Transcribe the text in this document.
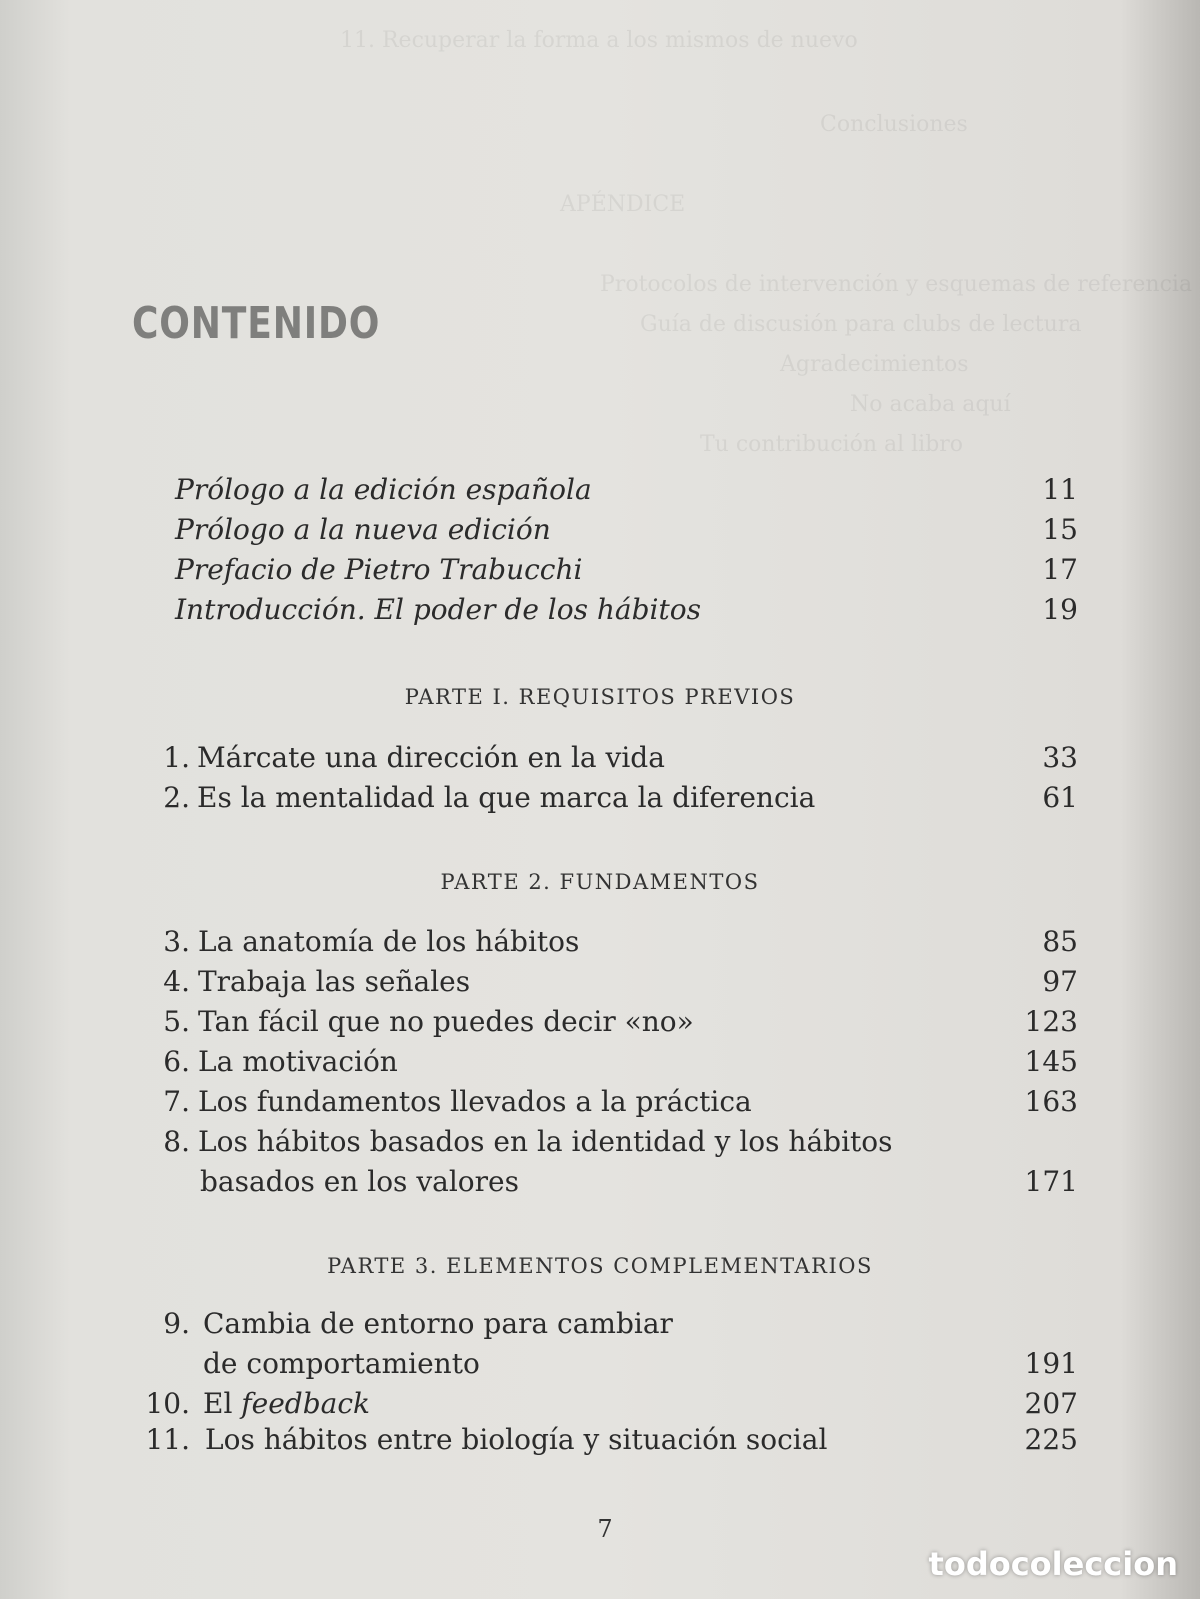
11. Recuperar la forma a los mismos de nuevo
Conclusiones
APÉNDICE
Protocolos de intervención y esquemas de referencia
Guía de discusión para clubs de lectura
Agradecimientos
No acaba aquí
Tu contribución al libro
CONTENIDO
Prólogo a la edición española	11
Prólogo a la nueva edición	15
Prefacio de Pietro Trabucchi	17
Introducción. El poder de los hábitos	19
PARTE I. REQUISITOS PREVIOS
1. Márcate una dirección en la vida	33
2. Es la mentalidad la que marca la diferencia	61
PARTE 2. FUNDAMENTOS
3. La anatomía de los hábitos	85
4. Trabaja las señales	97
5. Tan fácil que no puedes decir «no»	123
6. La motivación	145
7. Los fundamentos llevados a la práctica	163
8. Los hábitos basados en la identidad y los hábitos
basados en los valores	171
PARTE 3. ELEMENTOS COMPLEMENTARIOS
9. Cambia de entorno para cambiar
de comportamiento	191
10. El feedback	207
11. Los hábitos entre biología y situación social	225
7
todocoleccion
